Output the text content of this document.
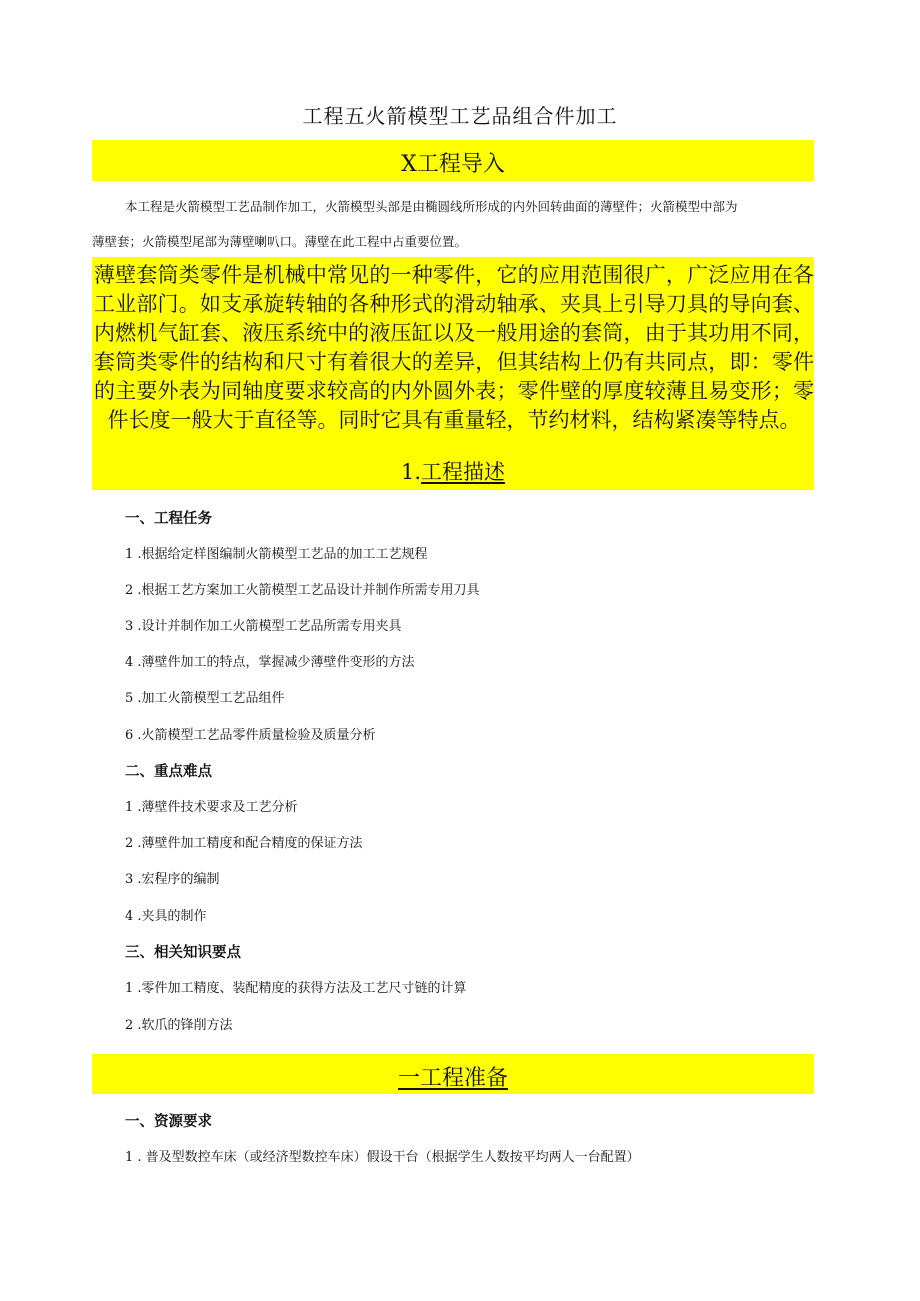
工程五火箭模型工艺品组合件加工
X工程导入
本工程是火箭模型工艺品制作加工，火箭模型头部是由椭圆线所形成的内外回转曲面的薄壁件；火箭模型中部为
薄壁套；火箭模型尾部为薄壁喇叭口。薄壁在此工程中占重要位置。
薄壁套筒类零件是机械中常见的一种零件，它的应用范围很广，广泛应用在各工业部门。如支承旋转轴的各种形式的滑动轴承、夹具上引导刀具的导向套、内燃机气缸套、液压系统中的液压缸以及一般用途的套筒，由于其功用不同，套筒类零件的结构和尺寸有着很大的差异，但其结构上仍有共同点，即：零件的主要外表为同轴度要求较高的内外圆外表；零件壁的厚度较薄且易变形；零件长度一般大于直径等。同时它具有重量轻，节约材料，结构紧凑等特点。
1.工程描述
一、工程任务
1 .根据给定样图编制火箭模型工艺品的加工工艺规程
2 .根据工艺方案加工火箭模型工艺品设计并制作所需专用刀具
3 .设计并制作加工火箭模型工艺品所需专用夹具
4 .薄壁件加工的特点，掌握减少薄壁件变形的方法
5 .加工火箭模型工艺品组件
6 .火箭模型工艺品零件质量检验及质量分析
二、重点难点
1 .薄壁件技术要求及工艺分析
2 .薄壁件加工精度和配合精度的保证方法
3 .宏程序的编制
4 .夹具的制作
三、相关知识要点
1 .零件加工精度、装配精度的获得方法及工艺尺寸链的计算
2 .软爪的锋削方法
一工程准备
一、资源要求
1 . 普及型数控车床（或经济型数控车床）假设干台（根据学生人数按平均两人一台配置）
